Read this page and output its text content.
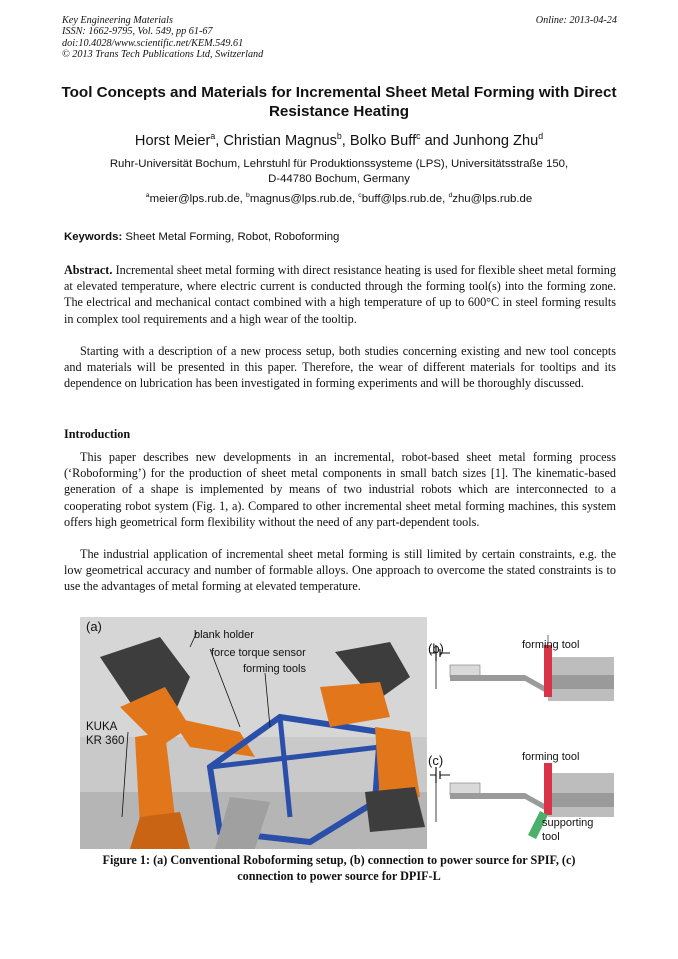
Key Engineering Materials
ISSN: 1662-9795, Vol. 549, pp 61-67
doi:10.4028/www.scientific.net/KEM.549.61
© 2013 Trans Tech Publications Ltd, Switzerland
Online: 2013-04-24
Tool Concepts and Materials for Incremental Sheet Metal Forming with Direct Resistance Heating
Horst Meier$^a$, Christian Magnus$^b$, Bolko Buff$^c$ and Junhong Zhu$^d$
Ruhr-Universität Bochum, Lehrstuhl für Produktionssysteme (LPS), Universitätsstraße 150,
D-44780 Bochum, Germany
$^a$meier@lps.rub.de, $^b$magnus@lps.rub.de, $^c$buff@lps.rub.de, $^d$zhu@lps.rub.de
Keywords: Sheet Metal Forming, Robot, Roboforming
Abstract. Incremental sheet metal forming with direct resistance heating is used for flexible sheet metal forming at elevated temperature, where electric current is conducted through the forming tool(s) into the forming zone. The electrical and mechanical contact combined with a high temperature of up to 600°C in steel forming results in complex tool requirements and a high wear of the tooltip.
Starting with a description of a new process setup, both studies concerning existing and new tool concepts and materials will be presented in this paper. Therefore, the wear of different materials for tooltips and its dependence on lubrication has been investigated in forming experiments and will be thoroughly discussed.
Introduction
This paper describes new developments in an incremental, robot-based sheet metal forming process (‘Roboforming’) for the production of sheet metal components in small batch sizes [1]. The kinematic-based generation of a shape is implemented by means of two industrial robots which are interconnected to a cooperating robot system (Fig. 1, a). Compared to other incremental sheet metal forming machines, this system offers high geometrical form flexibility without the need of any part-dependent tools.
The industrial application of incremental sheet metal forming is still limited by certain constraints, e.g. the low geometrical accuracy and number of formable alloys. One approach to overcome the stated constraints is to use the advantages of metal forming at elevated temperature.
(a)
blank holder
force torque sensor
forming tools
KUKA
KR 360
(b)	forming tool
(c)	forming tool
supporting
tool
Figure 1: (a) Conventional Roboforming setup, (b) connection to power source for SPIF, (c)
connection to power source for DPIF-L
